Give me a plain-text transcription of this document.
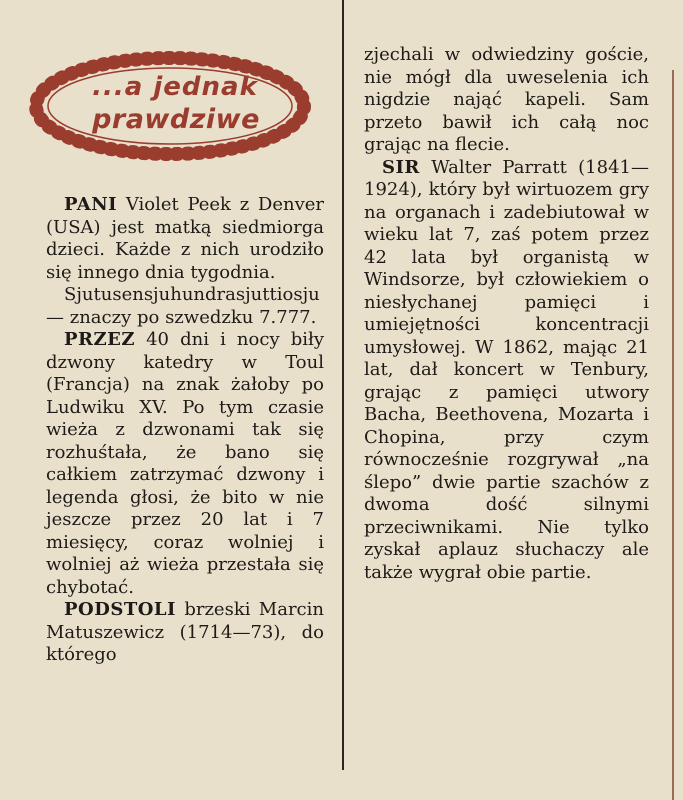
...a jednak
prawdziwe

PANI Violet Peek z Denver (USA) jest matką siedmiorga dzieci. Każde z nich urodziło się innego dnia tygodnia.

Sjutusensjuhundrasjuttiosju — znaczy po szwedzku 7.777.

PRZEZ 40 dni i nocy biły dzwony katedry w Toul (Francja) na znak żałoby po Ludwiku XV. Po tym czasie wieża z dzwonami tak się rozhuśtała, że bano się całkiem zatrzymać dzwony i legenda głosi, że bito w nie jeszcze przez 20 lat i 7 miesięcy, coraz wolniej i wolniej aż wieża przestała się chybotać.

PODSTOLI brzeski Marcin Matuszewicz (1714—73), do którego

zjechali w odwiedziny goście, nie mógł dla uweselenia ich nigdzie nająć kapeli. Sam przeto bawił ich całą noc grając na flecie.

SIR Walter Parratt (1841—1924), który był wirtuozem gry na organach i zadebiutował w wieku lat 7, zaś potem przez 42 lata był organistą w Windsorze, był człowiekiem o niesłychanej pamięci i umiejętności koncentracji umysłowej. W 1862, mając 21 lat, dał koncert w Tenbury, grając z pamięci utwory Bacha, Beethovena, Mozarta i Chopina, przy czym równocześnie rozgrywał „na ślepo” dwie partie szachów z dwoma dość silnymi przeciwnikami. Nie tylko zyskał aplauz słuchaczy ale także wygrał obie partie.
